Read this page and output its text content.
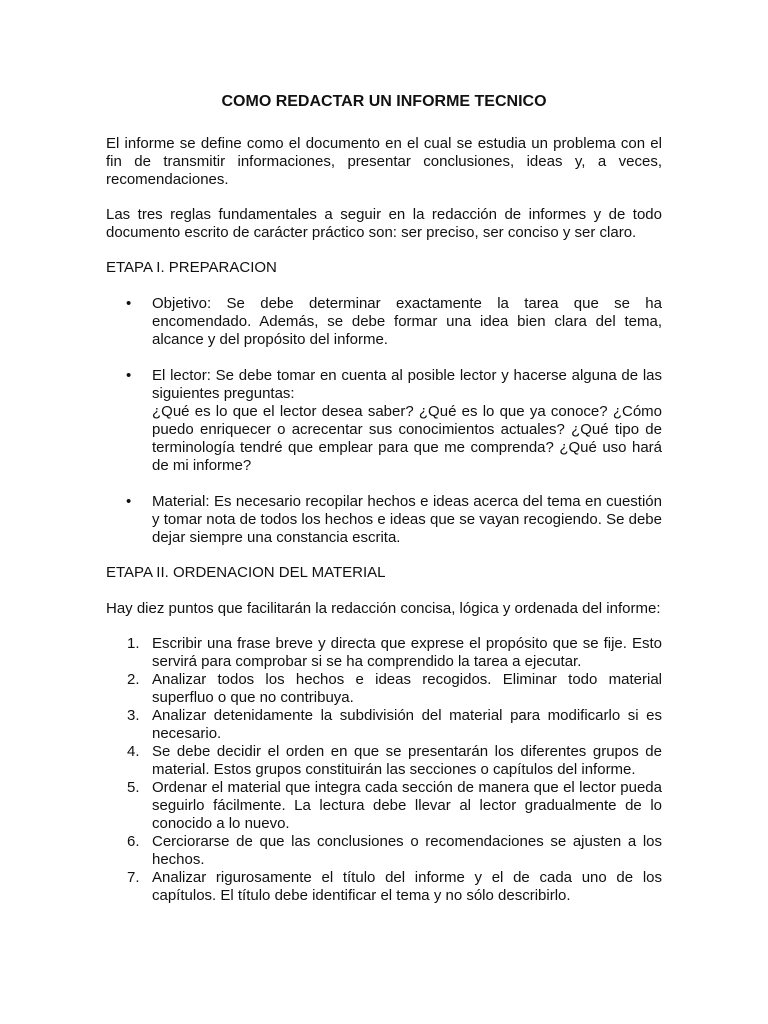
COMO REDACTAR UN INFORME TECNICO

El informe se define como el documento en el cual se estudia un problema con el fin de transmitir informaciones, presentar conclusiones, ideas y, a veces, recomendaciones.

Las tres reglas fundamentales a seguir en la redacción de informes y de todo documento escrito de carácter práctico son: ser preciso, ser conciso y ser claro.

ETAPA I. PREPARACION
• Objetivo: Se debe determinar exactamente la tarea que se ha encomendado. Además, se debe formar una idea bien clara del tema, alcance y del propósito del informe.
• El lector: Se debe tomar en cuenta al posible lector y hacerse alguna de las siguientes preguntas:
¿Qué es lo que el lector desea saber? ¿Qué es lo que ya conoce? ¿Cómo puedo enriquecer o acrecentar sus conocimientos actuales? ¿Qué tipo de terminología tendré que emplear para que me comprenda? ¿Qué uso hará de mi informe?
• Material: Es necesario recopilar hechos e ideas acerca del tema en cuestión y tomar nota de todos los hechos e ideas que se vayan recogiendo. Se debe dejar siempre una constancia escrita.
ETAPA II. ORDENACION DEL MATERIAL

Hay diez puntos que facilitarán la redacción concisa, lógica y ordenada del informe:

1. Escribir una frase breve y directa que exprese el propósito que se fije. Esto servirá para comprobar si se ha comprendido la tarea a ejecutar.
2. Analizar todos los hechos e ideas recogidos. Eliminar todo material superfluo o que no contribuya.
3. Analizar detenidamente la subdivisión del material para modificarlo si es necesario.
4. Se debe decidir el orden en que se presentarán los diferentes grupos de material. Estos grupos constituirán las secciones o capítulos del informe.
5. Ordenar el material que integra cada sección de manera que el lector pueda seguirlo fácilmente. La lectura debe llevar al lector gradualmente de lo conocido a lo nuevo.
6. Cerciorarse de que las conclusiones o recomendaciones se ajusten a los hechos.
7. Analizar rigurosamente el título del informe y el de cada uno de los capítulos. El título debe identificar el tema y no sólo describirlo.
